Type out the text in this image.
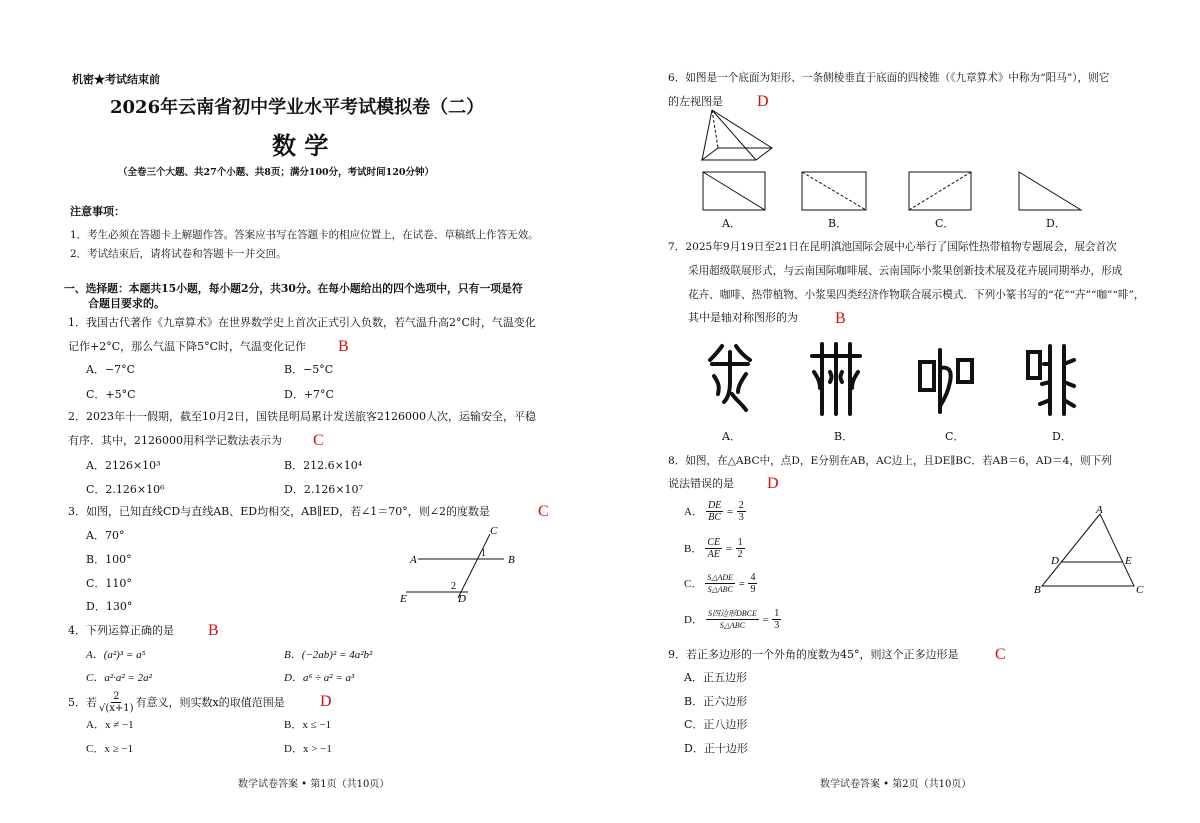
机密★考试结束前
2026年云南省初中学业水平考试模拟卷（二）
数 学
（全卷三个大题、共27个小题、共8页；满分100分，考试时间120分钟）
注意事项：
1．考生必须在答题卡上解题作答。答案应书写在答题卡的相应位置上，在试卷、草稿纸上作答无效。
2．考试结束后，请将试卷和答题卡一并交回。
一、选择题：本题共15小题，每小题2分，共30分。在每小题给出的四个选项中，只有一项是符
合题目要求的。
1．我国古代著作《九章算术》在世界数学史上首次正式引入负数，若气温升高2°C时，气温变化
记作+2°C，那么气温下降5°C时，气温变化记作 B
A．−7°C	B．−5°C
C．+5°C	D．+7°C
2．2023年十一假期，截至10月2日，国铁昆明局累计发送旅客2126000人次，运输安全，平稳
有序．其中，2126000用科学记数法表示为 C
A．2126×10³	B．212.6×10⁴
C．2.126×10⁶	D．2.126×10⁷
3．如图，已知直线CD与直线AB、ED均相交，AB∥ED，若∠1＝70°，则∠2的度数是	C
A．70°
B．100°
C．110°
D．130°
C
A	B
E	D
1
2
4．下列运算正确的是 B
A．(a²)³ = a⁵	B．(−2ab)² = 4a²b²
C．a²·a² = 2a²	D．a⁶ ÷ a² = a³
5．若 $\frac{2}{√(x+1)}$ 有意义，则实数x的取值范围是 D
A．x ≠ −1	B．x ≤ −1
C．x ≥ −1	D．x > −1
数学试卷答案 • 第1页（共10页）
6．如图是一个底面为矩形、一条侧棱垂直于底面的四棱锥（《九章算术》中称为“阳马”），则它
的左视图是 D
A．	B．	C．	D．
7．2025年9月19日至21日在昆明滇池国际会展中心举行了国际性热带植物专题展会，展会首次
采用超级联展形式，与云南国际咖啡展、云南国际小浆果创新技术展及花卉展同期举办，形成
花卉、咖啡、热带植物、小浆果四类经济作物联合展示模式．下列小篆书写的“花”“卉”“咖”“啡”，
其中是轴对称图形的为 B
A．	B．	C．	D．
8．如图，在△ABC中，点D，E分别在AB，AC边上，且DE∥BC．若AB＝6，AD＝4，则下列
说法错误的是 D
A． $\frac{DE}{BC} = \frac{2}{3}$
B． $\frac{CE}{AE} = \frac{1}{2}$
C． $\frac{\text{S△ADE}}{\text{S△ABC}} = \frac{4}{9}$
D． $\frac{\text{S四边形DBCE}}{\text{S△ABC}} = \frac{1}{3}$
A
D	E
B	C
9．若正多边形的一个外角的度数为45°，则这个正多边形是 C
A．正五边形
B．正六边形
C．正八边形
D．正十边形
数学试卷答案 • 第2页（共10页）
